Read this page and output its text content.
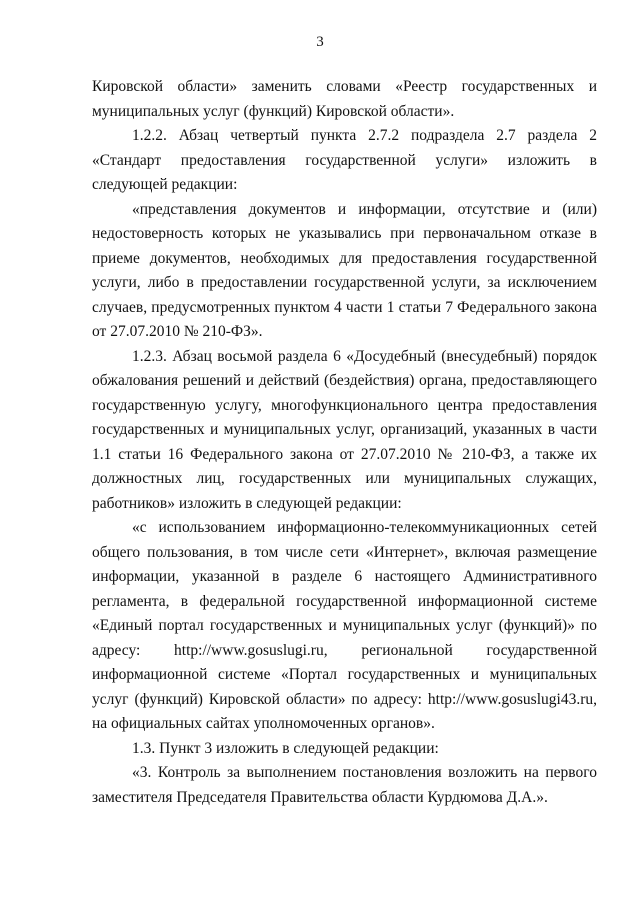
3

Кировской области» заменить словами «Реестр государственных и муниципальных услуг (функций) Кировской области».

1.2.2. Абзац четвертый пункта 2.7.2 подраздела 2.7 раздела 2 «Стандарт предоставления государственной услуги» изложить в следующей редакции:

«представления документов и информации, отсутствие и (или) недостоверность которых не указывались при первоначальном отказе в приеме документов, необходимых для предоставления государственной услуги, либо в предоставлении государственной услуги, за исключением случаев, предусмотренных пунктом 4 части 1 статьи 7 Федерального закона от 27.07.2010 № 210-ФЗ».

1.2.3. Абзац восьмой раздела 6 «Досудебный (внесудебный) порядок обжалования решений и действий (бездействия) органа, предоставляющего государственную услугу, многофункционального центра предоставления государственных и муниципальных услуг, организаций, указанных в части 1.1 статьи 16 Федерального закона от 27.07.2010 № 210-ФЗ, а также их должностных лиц, государственных или муниципальных служащих, работников» изложить в следующей редакции:

«с использованием информационно-телекоммуникационных сетей общего пользования, в том числе сети «Интернет», включая размещение информации, указанной в разделе 6 настоящего Административного регламента, в федеральной государственной информационной системе «Единый портал государственных и муниципальных услуг (функций)» по адресу: http://www.gosuslugi.ru, региональной государственной информационной системе «Портал государственных и муниципальных услуг (функций) Кировской области» по адресу: http://www.gosuslugi43.ru, на официальных сайтах уполномоченных органов».

1.3. Пункт 3 изложить в следующей редакции:

«3. Контроль за выполнением постановления возложить на первого заместителя Председателя Правительства области Курдюмова Д.А.».
